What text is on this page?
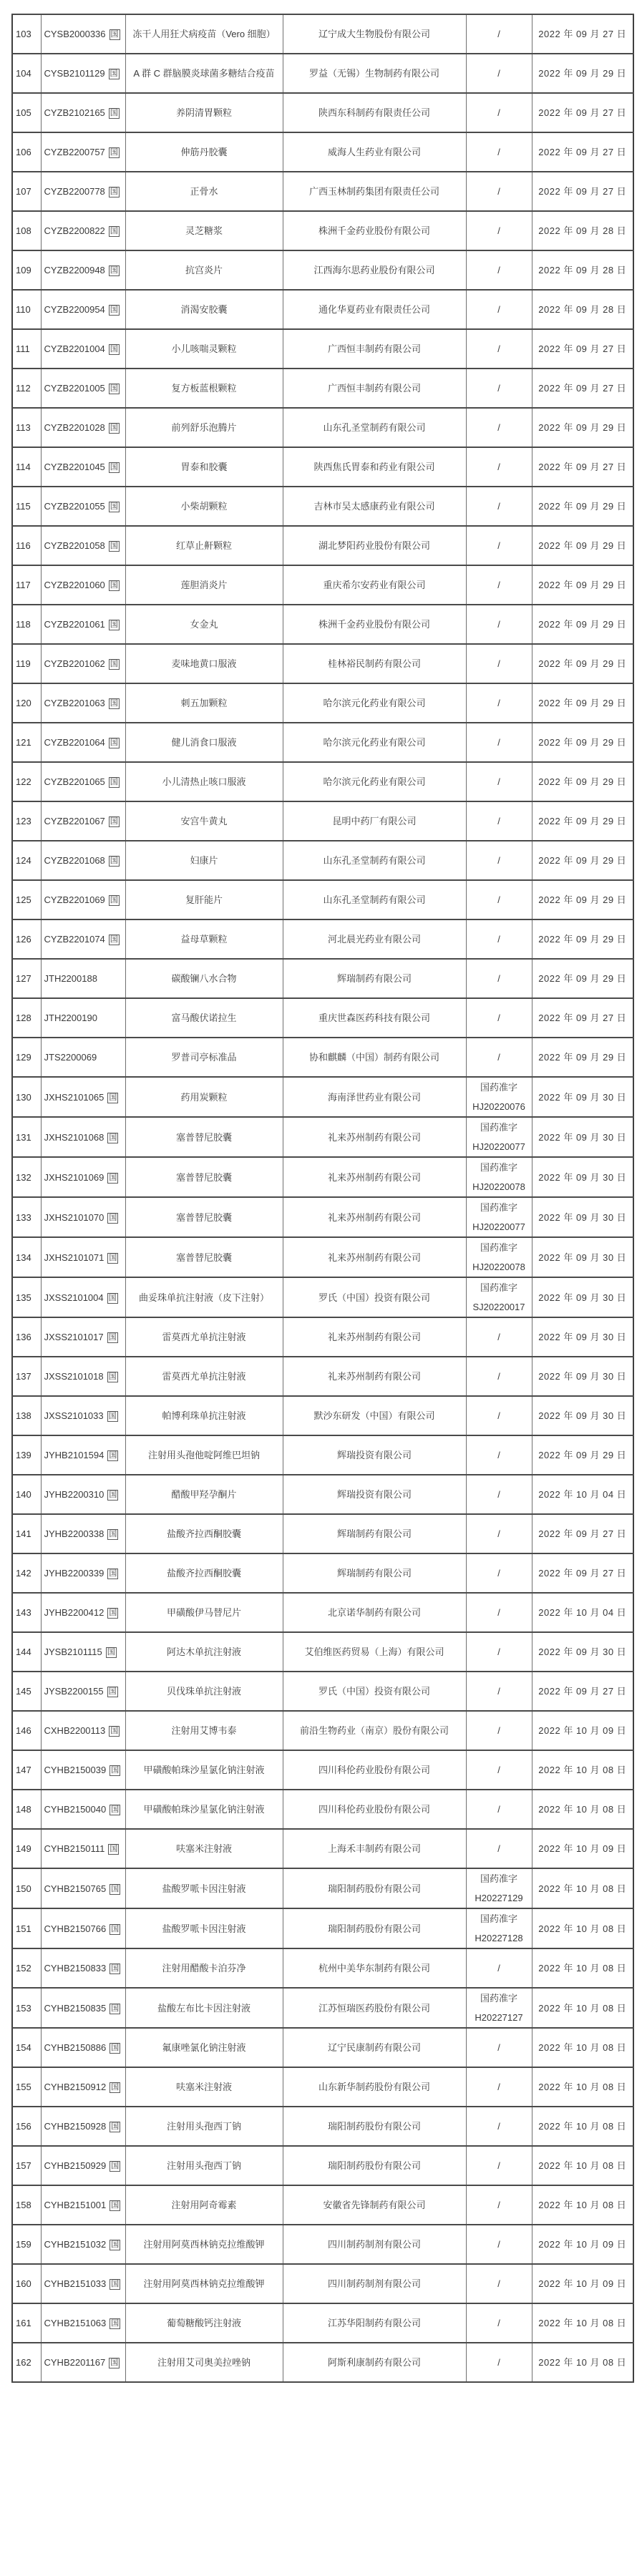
103	CYSB2000336 国	冻干人用狂犬病疫苗（Vero 细胞）	辽宁成大生物股份有限公司	/	2022 年 09 月 27 日
104	CYSB2101129 国	A 群 C 群脑膜炎球菌多糖结合疫苗	罗益（无锡）生物制药有限公司	/	2022 年 09 月 29 日
105	CYZB2102165 国	养阴清胃颗粒	陕西东科制药有限责任公司	/	2022 年 09 月 27 日
106	CYZB2200757 国	伸筋丹胶囊	威海人生药业有限公司	/	2022 年 09 月 27 日
107	CYZB2200778 国	正骨水	广西玉林制药集团有限责任公司	/	2022 年 09 月 27 日
108	CYZB2200822 国	灵芝糖浆	株洲千金药业股份有限公司	/	2022 年 09 月 28 日
109	CYZB2200948 国	抗宫炎片	江西海尔思药业股份有限公司	/	2022 年 09 月 28 日
110	CYZB2200954 国	消渴安胶囊	通化华夏药业有限责任公司	/	2022 年 09 月 28 日
111	CYZB2201004 国	小儿咳喘灵颗粒	广西恒丰制药有限公司	/	2022 年 09 月 27 日
112	CYZB2201005 国	复方板蓝根颗粒	广西恒丰制药有限公司	/	2022 年 09 月 27 日
113	CYZB2201028 国	前列舒乐泡腾片	山东孔圣堂制药有限公司	/	2022 年 09 月 29 日
114	CYZB2201045 国	胃泰和胶囊	陕西焦氏胃泰和药业有限公司	/	2022 年 09 月 27 日
115	CYZB2201055 国	小柴胡颗粒	吉林市吴太感康药业有限公司	/	2022 年 09 月 29 日
116	CYZB2201058 国	红草止鼾颗粒	湖北梦阳药业股份有限公司	/	2022 年 09 月 29 日
117	CYZB2201060 国	莲胆消炎片	重庆希尔安药业有限公司	/	2022 年 09 月 29 日
118	CYZB2201061 国	女金丸	株洲千金药业股份有限公司	/	2022 年 09 月 29 日
119	CYZB2201062 国	麦味地黄口服液	桂林裕民制药有限公司	/	2022 年 09 月 29 日
120	CYZB2201063 国	刺五加颗粒	哈尔滨元化药业有限公司	/	2022 年 09 月 29 日
121	CYZB2201064 国	健儿消食口服液	哈尔滨元化药业有限公司	/	2022 年 09 月 29 日
122	CYZB2201065 国	小儿清热止咳口服液	哈尔滨元化药业有限公司	/	2022 年 09 月 29 日
123	CYZB2201067 国	安宫牛黄丸	昆明中药厂有限公司	/	2022 年 09 月 29 日
124	CYZB2201068 国	妇康片	山东孔圣堂制药有限公司	/	2022 年 09 月 29 日
125	CYZB2201069 国	复肝能片	山东孔圣堂制药有限公司	/	2022 年 09 月 29 日
126	CYZB2201074 国	益母草颗粒	河北晨光药业有限公司	/	2022 年 09 月 29 日
127	JTH2200188	碳酸镧八水合物	辉瑞制药有限公司	/	2022 年 09 月 29 日
128	JTH2200190	富马酸伏诺拉生	重庆世森医药科技有限公司	/	2022 年 09 月 27 日
129	JTS2200069	罗普司亭标准品	协和麒麟（中国）制药有限公司	/	2022 年 09 月 29 日
130	JXHS2101065 国	药用炭颗粒	海南泽世药业有限公司	国药准字
HJ20220076	2022 年 09 月 30 日
131	JXHS2101068 国	塞普替尼胶囊	礼来苏州制药有限公司	国药准字
HJ20220077	2022 年 09 月 30 日
132	JXHS2101069 国	塞普替尼胶囊	礼来苏州制药有限公司	国药准字
HJ20220078	2022 年 09 月 30 日
133	JXHS2101070 国	塞普替尼胶囊	礼来苏州制药有限公司	国药准字
HJ20220077	2022 年 09 月 30 日
134	JXHS2101071 国	塞普替尼胶囊	礼来苏州制药有限公司	国药准字
HJ20220078	2022 年 09 月 30 日
135	JXSS2101004 国	曲妥珠单抗注射液（皮下注射）	罗氏（中国）投资有限公司	国药准字
SJ20220017	2022 年 09 月 30 日
136	JXSS2101017 国	雷莫西尤单抗注射液	礼来苏州制药有限公司	/	2022 年 09 月 30 日
137	JXSS2101018 国	雷莫西尤单抗注射液	礼来苏州制药有限公司	/	2022 年 09 月 30 日
138	JXSS2101033 国	帕博利珠单抗注射液	默沙东研发（中国）有限公司	/	2022 年 09 月 30 日
139	JYHB2101594 国	注射用头孢他啶阿维巴坦钠	辉瑞投资有限公司	/	2022 年 09 月 29 日
140	JYHB2200310 国	醋酸甲羟孕酮片	辉瑞投资有限公司	/	2022 年 10 月 04 日
141	JYHB2200338 国	盐酸齐拉西酮胶囊	辉瑞制药有限公司	/	2022 年 09 月 27 日
142	JYHB2200339 国	盐酸齐拉西酮胶囊	辉瑞制药有限公司	/	2022 年 09 月 27 日
143	JYHB2200412 国	甲磺酸伊马替尼片	北京诺华制药有限公司	/	2022 年 10 月 04 日
144	JYSB2101115 国	阿达木单抗注射液	艾伯维医药贸易（上海）有限公司	/	2022 年 09 月 30 日
145	JYSB2200155 国	贝伐珠单抗注射液	罗氏（中国）投资有限公司	/	2022 年 09 月 27 日
146	CXHB2200113 国	注射用艾博韦泰	前沿生物药业（南京）股份有限公司	/	2022 年 10 月 09 日
147	CYHB2150039 国	甲磺酸帕珠沙星氯化钠注射液	四川科伦药业股份有限公司	/	2022 年 10 月 08 日
148	CYHB2150040 国	甲磺酸帕珠沙星氯化钠注射液	四川科伦药业股份有限公司	/	2022 年 10 月 08 日
149	CYHB2150111 国	呋塞米注射液	上海禾丰制药有限公司	/	2022 年 10 月 09 日
150	CYHB2150765 国	盐酸罗哌卡因注射液	瑞阳制药股份有限公司	国药准字
H20227129	2022 年 10 月 08 日
151	CYHB2150766 国	盐酸罗哌卡因注射液	瑞阳制药股份有限公司	国药准字
H20227128	2022 年 10 月 08 日
152	CYHB2150833 国	注射用醋酸卡泊芬净	杭州中美华东制药有限公司	/	2022 年 10 月 08 日
153	CYHB2150835 国	盐酸左布比卡因注射液	江苏恒瑞医药股份有限公司	国药准字
H20227127	2022 年 10 月 08 日
154	CYHB2150886 国	氟康唑氯化钠注射液	辽宁民康制药有限公司	/	2022 年 10 月 08 日
155	CYHB2150912 国	呋塞米注射液	山东新华制药股份有限公司	/	2022 年 10 月 08 日
156	CYHB2150928 国	注射用头孢西丁钠	瑞阳制药股份有限公司	/	2022 年 10 月 08 日
157	CYHB2150929 国	注射用头孢西丁钠	瑞阳制药股份有限公司	/	2022 年 10 月 08 日
158	CYHB2151001 国	注射用阿奇霉素	安徽省先锋制药有限公司	/	2022 年 10 月 08 日
159	CYHB2151032 国	注射用阿莫西林钠克拉维酸钾	四川制药制剂有限公司	/	2022 年 10 月 09 日
160	CYHB2151033 国	注射用阿莫西林钠克拉维酸钾	四川制药制剂有限公司	/	2022 年 10 月 09 日
161	CYHB2151063 国	葡萄糖酸钙注射液	江苏华阳制药有限公司	/	2022 年 10 月 08 日
162	CYHB2201167 国	注射用艾司奥美拉唑钠	阿斯利康制药有限公司	/	2022 年 10 月 08 日
